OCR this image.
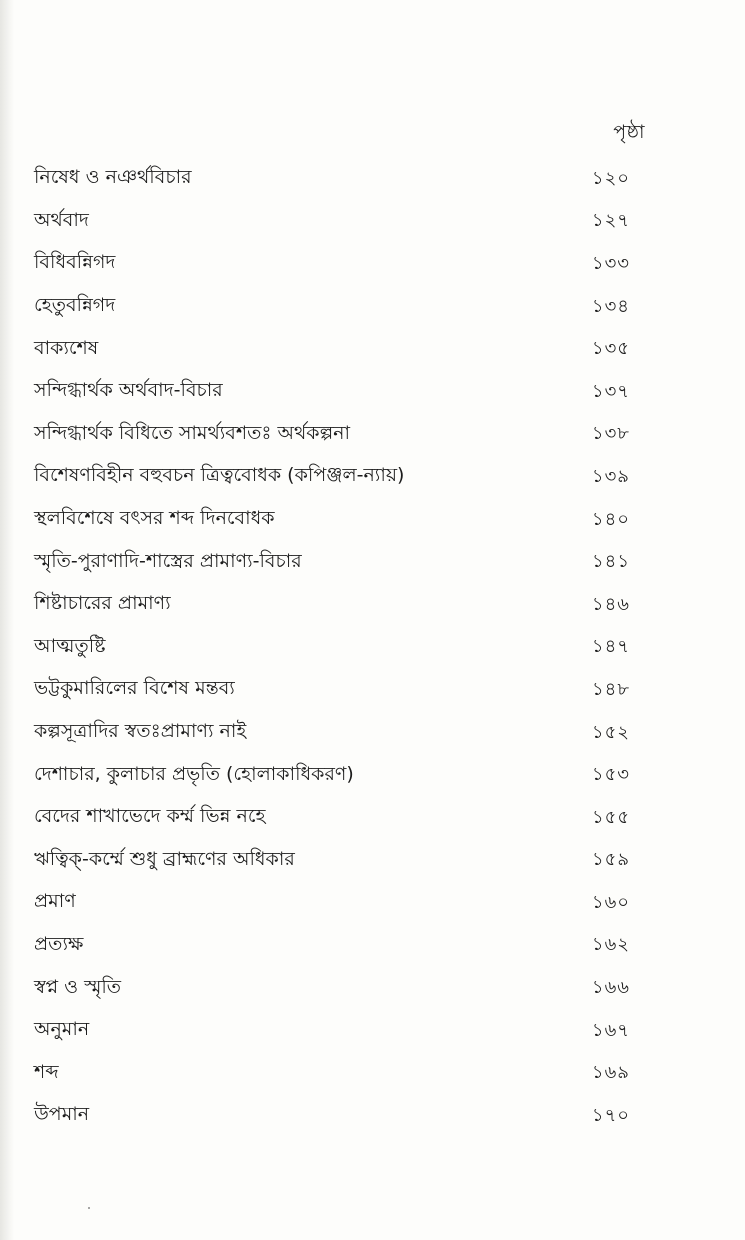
পৃষ্ঠা
নিষেধ ও নঞর্থবিচার	১২০
অর্থবাদ	১২৭
বিধিবন্নিগদ	১৩৩
হেতুবন্নিগদ	১৩৪
বাক্যশেষ	১৩৫
সন্দিগ্ধার্থক অর্থবাদ-বিচার	১৩৭
সন্দিগ্ধার্থক বিধিতে সামর্থ্যবশতঃ অর্থকল্পনা	১৩৮
বিশেষণবিহীন বহুবচন ত্রিত্ববোধক (কপিঞ্জল-ন্যায়)	১৩৯
স্থলবিশেষে বৎসর শব্দ দিনবোধক	১৪০
স্মৃতি-পুরাণাদি-শাস্ত্রের প্রামাণ্য-বিচার	১৪১
শিষ্টাচারের প্রামাণ্য	১৪৬
আত্মতুষ্টি	১৪৭
ভট্টকুমারিলের বিশেষ মন্তব্য	১৪৮
কল্পসূত্রাদির স্বতঃপ্রামাণ্য নাই	১৫২
দেশাচার, কুলাচার প্রভৃতি (হোলাকাধিকরণ)	১৫৩
বেদের শাখাভেদে কর্ম্ম ভিন্ন নহে	১৫৫
ঋত্বিক্-কর্ম্মে শুধু ব্রাহ্মণের অধিকার	১৫৯
প্রমাণ	১৬০
প্রত্যক্ষ	১৬২
স্বপ্ন ও স্মৃতি	১৬৬
অনুমান	১৬৭
শব্দ	১৬৯
উপমান	১৭০
